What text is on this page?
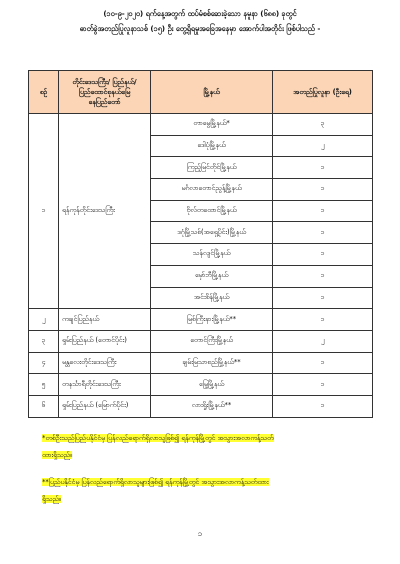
(၁၀-၉-၂၀၂၀) ရက်နေ့အတွက် ထပ်မံစစ်ဆေးခဲ့သော နမူနာ (၆၈၈) ခုတွင်
ဓာတ်ခွဲအတည်ပြုလူနာသစ် (၁၅) ဦး တွေ့ရှိရမှုအခြေအနေမှာ အောက်ပါအတိုင်း ဖြစ်ပါသည် -
စဉ်	တိုင်းဒေသကြီး/ ပြည်နယ်/ ပြည်ထောင်စုနယ်မြေ နေပြည်တော်	မြို့နယ်	အတည်ပြုလူနာ (ဦးရေ)
၁	ရန်ကုန်တိုင်းဒေသကြီး	တာမွေမြို့နယ်*	၃
		ဒေါပုံမြို့နယ်	၂
		ကြည့်မြင်တိုင်မြို့နယ်	၁
		မင်္ဂလာတောင်ညွန့်မြို့နယ်	၁
		ဗိုလ်တထောင်မြို့နယ်	၁
		ဒဂုံမြို့သစ်(အရှေ့ပိုင်း)မြို့နယ်	၁
		သန်လျင်မြို့နယ်	၁
		မှော်ဘီမြို့နယ်	၁
		အင်းစိန်မြို့နယ်	၁
၂	ကချင်ပြည်နယ်	မြစ်ကြီးနားမြို့နယ်**	၁
၃	ရှမ်းပြည်နယ် (တောင်ပိုင်း)	တောင်ကြီးမြို့နယ်	၂
၄	မန္တလေးတိုင်းဒေသကြီး	ချမ်းမြသာစည်မြို့နယ်**	၁
၅	တနင်္သာရီတိုင်းဒေသကြီး	မြေ့မြို့နယ်	၁
၆	ရှမ်းပြည်နယ် (မြောက်ပိုင်း)	လားရှိုးမြို့နယ်**	၁
*တစ်ဦးသည်ပြည်ပနိုင်ငံမှ ပြန်လည်ရောက်ရှိလာသူဖြစ်၍ ရန်ကုန်မြို့တွင် အသွားအလာကန့်သတ်
ထားရှိသည်။
**ပြည်ပနိုင်ငံမှ ပြန်လည်ရောက်ရှိလာသူများဖြစ်၍ ရန်ကုန်မြို့တွင် အသွားအလာကန့်သတ်ထား
ရှိသည်။
၁
